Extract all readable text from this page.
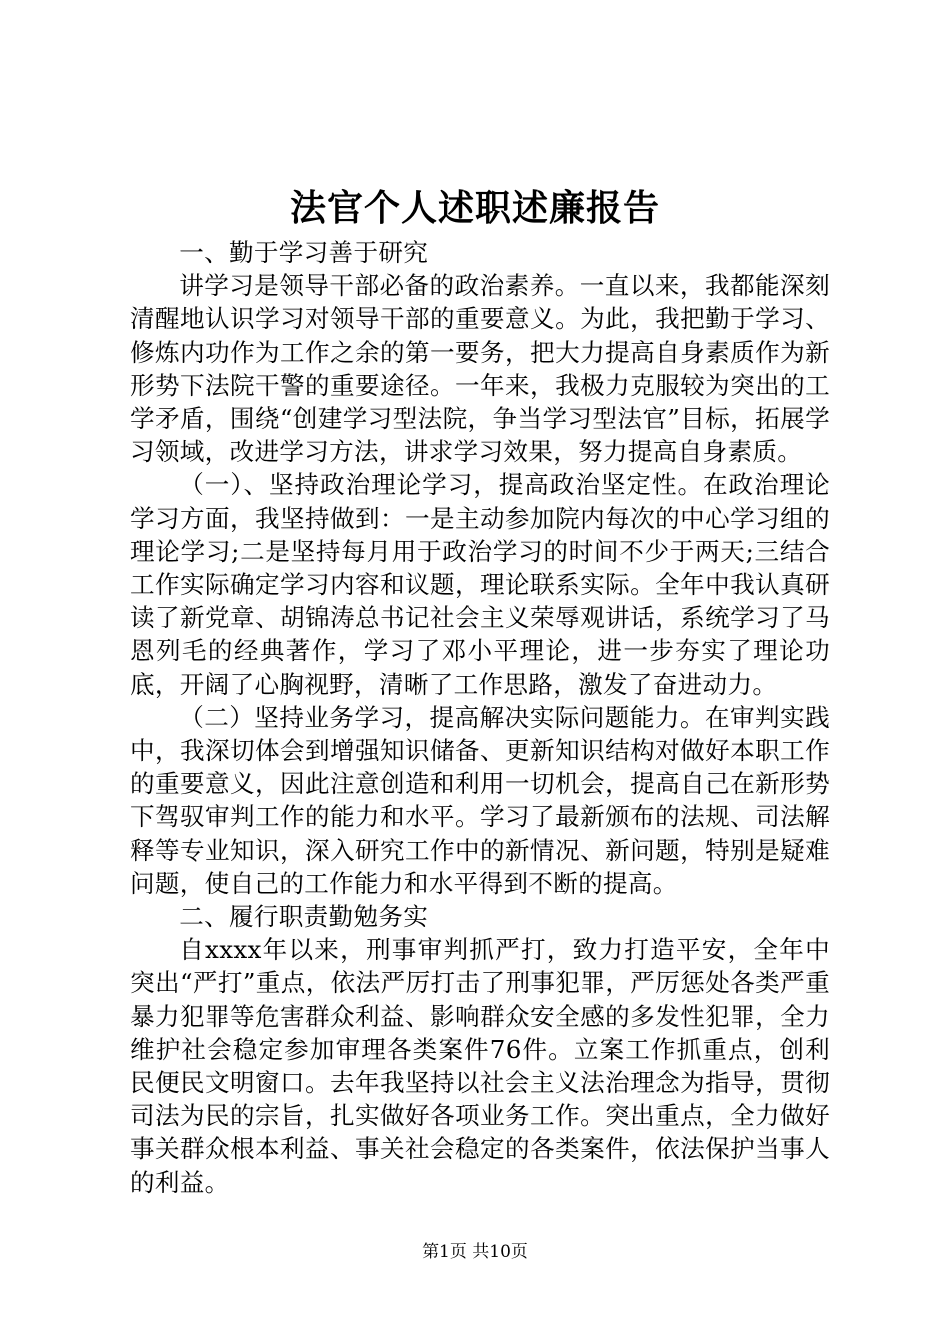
法官个人述职述廉报告

一、勤于学习善于研究

讲学习是领导干部必备的政治素养。一直以来，我都能深刻清醒地认识学习对领导干部的重要意义。为此，我把勤于学习、修炼内功作为工作之余的第一要务，把大力提高自身素质作为新形势下法院干警的重要途径。一年来，我极力克服较为突出的工学矛盾，围绕“创建学习型法院，争当学习型法官”目标，拓展学习领域，改进学习方法，讲求学习效果，努力提高自身素质。

（一）、坚持政治理论学习，提高政治坚定性。在政治理论学习方面，我坚持做到：一是主动参加院内每次的中心学习组的理论学习;二是坚持每月用于政治学习的时间不少于两天;三结合工作实际确定学习内容和议题，理论联系实际。全年中我认真研读了新党章、胡锦涛总书记社会主义荣辱观讲话，系统学习了马恩列毛的经典著作，学习了邓小平理论，进一步夯实了理论功底，开阔了心胸视野，清晰了工作思路，激发了奋进动力。

（二）坚持业务学习，提高解决实际问题能力。在审判实践中，我深切体会到增强知识储备、更新知识结构对做好本职工作的重要意义，因此注意创造和利用一切机会，提高自己在新形势下驾驭审判工作的能力和水平。学习了最新颁布的法规、司法解释等专业知识，深入研究工作中的新情况、新问题，特别是疑难问题，使自己的工作能力和水平得到不断的提高。

二、履行职责勤勉务实

自xxxx年以来，刑事审判抓严打，致力打造平安，全年中突出“严打”重点，依法严厉打击了刑事犯罪，严厉惩处各类严重暴力犯罪等危害群众利益、影响群众安全感的多发性犯罪，全力维护社会稳定参加审理各类案件76件。立案工作抓重点，创利民便民文明窗口。去年我坚持以社会主义法治理念为指导，贯彻司法为民的宗旨，扎实做好各项业务工作。突出重点，全力做好事关群众根本利益、事关社会稳定的各类案件，依法保护当事人的利益。

第1页 共10页
